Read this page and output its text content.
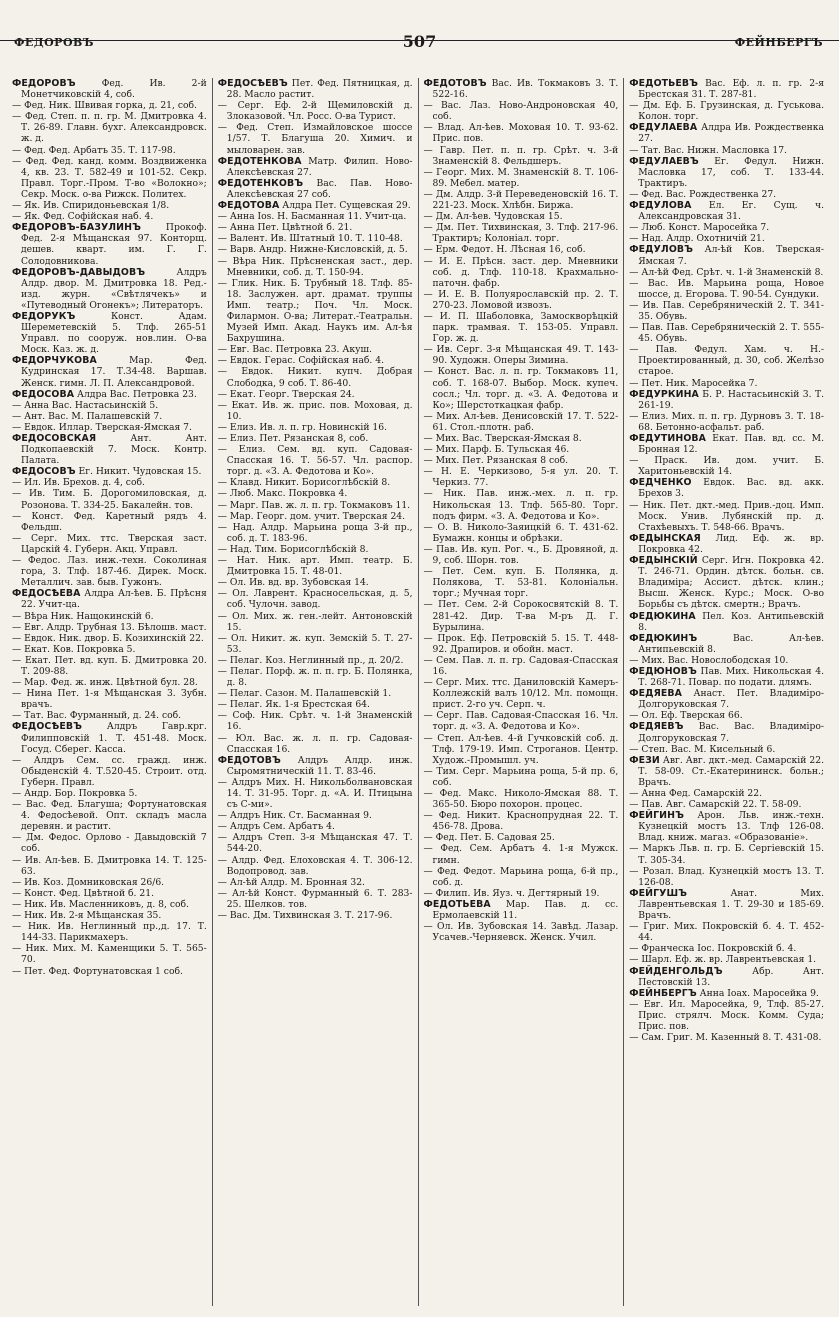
ФЕДОРОВЪ	507	ФЕЙНБЕРГЪ

ФЕДОРОВЪ Фед. Ив. 2-й Монетчиковскій 4, соб.

— Фед. Ник. Швивая горка, д. 21, соб.

— Фед. Степ. п. п. гр. М. Дмитровка 4. Т. 26-89. Главн. бухг. Александровск. ж. д.

— Фед. Фед. Арбатъ 35. Т. 117-98.

— Фед. Фед. канд. комм. Воздвиженка 4, кв. 23. Т. 582-49 и 101-52. Секр. Правл. Торг.-Пром. Т-во «Волокно»; Секр. Моск. о-ва Рижск. Политех.

— Як. Ив. Спиридоньевская 1/8.

— Як. Фед. Софійская наб. 4.

ФЕДОРОВЪ-БАЗУЛИНЪ Прокоф. Фед. 2-я Мѣщанская 97. Конторщ. дешев. кварт. им. Г. Г. Солодовникова.

ФЕДОРОВЪ-ДАВЫДОВЪ Алдръ Алдр. двор. М. Дмитровка 18. Ред.-изд. журн. «Свѣтлячекъ» и «Путеводный Огонекъ»; Литераторъ.

ФЕДОРУКЪ Конст. Адам. Шереметевскій 5. Тлф. 265-51 Управл. по сооруж. нов.лин. О-ва Моск. Каз. ж. д.

ФЕДОРЧУКОВА Мар. Фед. Кудринская 17. Т.34-48. Варшав. Женск. гимн. Л. П. Александровой.

ФЕДОСОВА Алдра Вас. Петровка 23.

— Анна Вас. Настасьинскій 5.

— Ант. Вас. М. Палашевскій 7.

— Евдок. Иллар. Тверская-Ямская 7.

ФЕДОСОВСКАЯ Ант. Ант. Подкопаевскій 7. Моск. Контр. Палата.

ФЕДОСОВЪ Ег. Никит. Чудовская 15.

— Ил. Ив. Брехов. д. 4, соб.

— Ив. Тим. Б. Дорогомиловская, д. Розонова. Т. 334-25. Бакалейн. тов.

— Конст. Фед. Каретный рядъ 4. Фельдш.

— Серг. Мих. ттс. Тверская заст. Царскій 4. Губерн. Акц. Управл.

— Федос. Лаз. инж.-техн. Соколиная гора, 3. Тлф. 187-46. Дирек. Моск. Металлич. зав. быв. Гужонъ.

ФЕДОСѢЕВА Алдра Ал-ѣев. Б. Прѣсня 22. Учит-ца.

— Вѣра Ник. Нащокинскій 6.

— Евг. Алдр. Трубная 13. Бѣлошв. маст.

— Евдок. Ник. двор. Б. Козихинскій 22.

— Екат. Ков. Покровка 5.

— Екат. Пет. вд. куп. Б. Дмитровка 20. Т. 209-88.

— Мар. Фед. ж. инж. Цвѣтной бул. 28.

— Нина Пет. 1-я Мѣщанская 3. Зубн. врачъ.

— Тат. Вас. Фурманный, д. 24. соб.

ФЕДОСѢЕВЪ Алдръ Гавр.крг. Филипповскій 1. Т. 451-48. Моск. Госуд. Сберег. Касса.

— Алдръ Сем. сс. гражд. инж. Обыденскій 4. Т.520-45. Строит. отд. Губерн. Правл.

— Андр. Бор. Покровка 5.

— Вас. Фед. Благуша; Фортунатовская 4. Федосѣевой. Опт. складъ масла деревян. и растит.

— Дм. Федос. Орлово - Давыдовскій 7 соб.

— Ив. Ал-ѣев. Б. Дмитровка 14. Т. 125-63.

— Ив. Коз. Домниковская 26/6.

— Конст. Фед. Цвѣтной б. 21.

— Ник. Ив. Масленниковъ, д. 8, соб.

— Ник. Ив. 2-я Мѣщанская 35.

— Ник. Ив. Неглинный пр.,д. 17. Т. 144-33. Парикмахеръ.

— Ник. Мих. М. Каменщики 5. Т. 565-70.

— Пет. Фед. Фортунатовская 1 соб.

ФЕДОСѢЕВЪ Пет. Фед. Пятницкая, д. 28. Масло растит.

— Серг. Еф. 2-й Щемиловскій д. Злоказовой. Чл. Росс. О-ва Турист.

— Фед. Степ. Измайловское шоссе 1/57. Т. Благуша 20. Химич. и мыловарен. зав.

ФЕДОТЕНКОВА Матр. Филип. Ново-Алексѣевская 27.

ФЕДОТЕНКОВЪ Вас. Пав. Ново-Алексѣевская 27 соб.

ФЕДОТОВА Алдра Пет. Сущевская 29.

— Анна Ios. Н. Басманная 11. Учит-ца.

— Анна Пет. Цвѣтной б. 21.

— Валент. Ив. Штатный 10. Т. 110-48.

— Варв. Андр. Нижне-Кисловскій, д. 5.

— Вѣра Ник. Прѣсненская заст., дер. Мневники, соб. д. Т. 150-94.

— Глик. Ник. Б. Трубный 18. Тлф. 85-18. Заслужен. арт. драмат. труппы Имп. театр.; Поч. Чл. Моск. Филармон. О-ва; Литерат.-Театральн. Музей Имп. Акад. Наукъ им. Ал-ѣя Бахрушина.

— Евг. Вас. Петровка 23. Акуш.

— Евдок. Герас. Софійская наб. 4.

— Евдок. Никит. купч. Добрая Слободка, 9 соб. Т. 86-40.

— Екат. Георг. Тверская 24.

— Екат. Ив. ж. прис. пов. Моховая, д. 10.

— Елиз. Ив. л. п. гр. Новинскій 16.

— Елиз. Пет. Рязанская 8, соб.

— Елиз. Сем. вд. куп. Садовая-Спасская 16. Т. 56-57. Чл. распор. торг. д. «З. А. Федотова и Ко».

— Клавд. Никит. Борисоглѣбскій 8.

— Люб. Макс. Покровка 4.

— Марг. Пав. ж. л. п. гр. Токмаковъ 11.

— Мар. Георг. дом. учит. Тверская 24.

— Над. Алдр. Марьина роща 3-й пр., соб. д. Т. 183-96.

— Над. Тим. Борисоглѣбскій 8.

— Нат. Ник. арт. Имп. театр. Б. Дмитровка 15. Т. 48-01.

— Ол. Ив. вд. вр. Зубовская 14.

— Ол. Лаврент. Красносельская, д. 5, соб. Чулочн. завод.

— Ол. Мих. ж. ген.-лейт. Антоновскій 15.

— Ол. Никит. ж. куп. Земскій 5. Т. 27-53.

— Пелаг. Коз. Неглинный пр., д. 20/2.

— Пелаг. Порф. ж. п. п. гр. Б. Полянка, д. 8.

— Пелаг. Сазон. М. Палашевскій 1.

— Пелаг. Як. 1-я Брестская 64.

— Соф. Ник. Срѣт. ч. 1-й Знаменскій 16.

— Юл. Вас. ж. л. п. гр. Садовая-Спасская 16.

ФЕДОТОВЪ Алдръ Алдр. инж. Сыромятническій 11. Т. 83-46.

— Алдръ Мих. Н. Никольболвановская 14. Т. 31-95. Торг. д. «А. И. Птицына съ С-ми».

— Алдръ Ник. Ст. Басманная 9.

— Алдръ Сем. Арбатъ 4.

— Алдръ Степ. 3-я Мѣщанская 47. Т. 544-20.

— Алдр. Фед. Елоховская 4. Т. 306-12. Водопровод. зав.

— Ал-ѣй Алдр. М. Бронная 32.

— Ал-ѣй Конст. Фурманный 6. Т. 283-25. Шелков. тов.

— Вас. Дм. Тихвинская 3. Т. 217-96.

ФЕДОТОВЪ Вас. Ив. Токмаковъ 3. Т. 522-16.

— Вас. Лаз. Ново-Андроновская 40, соб.

— Влад. Ал-ѣев. Моховая 10. Т. 93-62. Прис. пов.

— Гавр. Пет. п. п. гр. Срѣт. ч. 3-й Знаменскій 8. Фельдшеръ.

— Георг. Мих. М. Знаменскій 8. Т. 106-89. Мебел. матер.

— Дм. Алдр. 3-й Переведеновскій 16. Т. 221-23. Моск. Хлѣбн. Биржа.

— Дм. Ал-ѣев. Чудовская 15.

— Дм. Пет. Тихвинская, 3. Тлф. 217-96. Трактиръ; Колоніал. торг.

— Ерм. Федот. Н. Лѣсная 16, соб.

— И. Е. Прѣсн. заст. дер. Мневники соб. д. Тлф. 110-18. Крахмально-паточн. фабр.

— И. Е. В. Полуярославскій пр. 2. Т. 270-23. Ломовой извозъ.

— И. П. Шаболовка, Замоскворѣцкій парк. трамвая. Т. 153-05. Управл. Гор. ж. д.

— Ив. Серг. 3-я Мѣщанская 49. Т. 143-90. Художн. Оперы Зимина.

— Конст. Вас. л. п. гр. Токмаковъ 11, соб. Т. 168-07. Выбор. Моск. купеч. сосл.; Чл. торг. д. «З. А. Федотова и Ко»; Шерстоткацкая фабр.

— Мих. Ал-ѣев. Денисовскій 17. Т. 522-61. Стол.-плотн. раб.

— Мих. Вас. Тверская-Ямская 8.

— Мих. Парф. Б. Тульская 46.

— Мих. Пет. Рязанская 8 соб.

— Н. Е. Черкизово, 5-я ул. 20. Т. Черкиз. 77.

— Ник. Пав. инж.-мех. л. п. гр. Никольская 13. Тлф. 565-80. Торг. подъ фирм. «З. А. Федотова и Ко».

— О. В. Николо-Заяицкій 6. Т. 431-62. Бумажн. концы и обрѣзки.

— Пав. Ив. куп. Рог. ч., Б. Дровяной, д. 9, соб. Шорн. тов.

— Пет. Сем. куп. Б. Полянка, д. Полякова, Т. 53-81. Колоніальн. торг.; Мучная торг.

— Пет. Сем. 2-й Сорокосвятскій 8. Т. 281-42. Дир. Т-ва М-ръ Д. Г. Бурылина.

— Прок. Еф. Петровскій 5. 15. Т. 448-92. Драпиров. и обойн. маст.

— Сем. Пав. л. п. гр. Садовая-Спасская 16.

— Серг. Мих. ттс. Даниловскій Камеръ-Коллежскій валъ 10/12. Мл. помощн. прист. 2-го уч. Серп. ч.

— Серг. Пав. Садовая-Спасская 16. Чл. торг. д. «З. А. Федотова и Ко».

— Степ. Ал-ѣев. 4-й Гучковскій соб. д. Тлф. 179-19. Имп. Строганов. Центр. Худож.-Промышл. уч.

— Тим. Серг. Марьина роща, 5-й пр. 6, соб.

— Фед. Макс. Николо-Ямская 88. Т. 365-50. Бюро похорон. процес.

— Фед. Никит. Краснопрудная 22. Т. 456-78. Дрова.

— Фед. Пет. Б. Садовая 25.

— Фед. Сем. Арбатъ 4. 1-я Мужск. гимн.

— Фед. Федот. Марьина роща, 6-й пр., соб. д.

— Филип. Ив. Яуз. ч. Дегтярный 19.

ФЕДОТЬЕВА Мар. Пав. д. сс. Ермолаевскій 11.

— Ол. Ив. Зубовская 14. Завѣд. Лазар. Усачев.-Черняевск. Женск. Учил.

ФЕДОТЬЕВЪ Вас. Еф. л. п. гр. 2-я Брестская 31. Т. 287-81.

— Дм. Еф. Б. Грузинская, д. Гуськова. Колон. торг.

ФЕДУЛАЕВА Алдра Ив. Рождественка 27.

— Тат. Вас. Нижн. Масловка 17.

ФЕДУЛАЕВЪ Ег. Федул. Нижн. Масловка 17, соб. Т. 133-44. Трактиръ.

— Фед. Вас. Рождественка 27.

ФЕДУЛОВА Ел. Ег. Сущ. ч. Александровская 31.

— Люб. Конст. Маросейка 7.

— Над. Алдр. Охотничій 21.

ФЕДУЛОВЪ Ал-ѣй Ков. Тверская-Ямская 7.

— Ал-ѣй Фед. Срѣт. ч. 1-й Знаменскій 8.

— Вас. Ив. Марьина роща, Новое шоссе, д. Егорова. Т. 90-54. Сундуки.

— Ив. Пав. Серебряническій 2. Т. 341-35. Обувь.

— Пав. Пав. Серебряническій 2. Т. 555-45. Обувь.

— Пав. Федул. Хам. ч. Н.-Проектированный, д. 30, соб. Желѣзо старое.

— Пет. Ник. Маросейка 7.

ФЕДУРКИНА Б. Р. Настасьинскій 3. Т. 261-19.

— Елиз. Мих. п. п. гр. Дурновъ 3. Т. 18-68. Бетонно-асфальт. раб.

ФЕДУТИНОВА Екат. Пав. вд. сс. М. Бронная 12.

— Праск. Ив. дом. учит. Б. Харитоньевскій 14.

ФЕДЧЕНКО Евдок. Вас. вд. акк. Брехов 3.

— Ник. Пет. дкт.-мед. Прив.-доц. Имп. Моск. Унив. Лубянскій пр. д. Стахѣевыхъ. Т. 548-66. Врачъ.

ФЕДЫНСКАЯ Лид. Еф. ж. вр. Покровка 42.

ФЕДЫНСКІЙ Серг. Игн. Покровка 42. Т. 246-71. Ордин. дѣтск. больн. св. Владиміра; Ассист. дѣтск. клин.; Высш. Женск. Курс.; Моск. О-во Борьбы съ дѣтск. смертн.; Врачъ.

ФЕДЮКИНА Пел. Коз. Антипьевскій 8.

ФЕДЮКИНЪ Вас. Ал-ѣев. Антипьевскій 8.

— Мих. Вас. Новослободская 10.

ФЕДЮНОВЪ Пав. Мих. Никольская 4. Т. 268-71. Повар. по подати. длямъ.

ФЕДЯЕВА Анаст. Пет. Владиміро-Долгоруковская 7.

— Ол. Еф. Тверская 66.

ФЕДЯЕВЪ Вас. Вас. Владиміро-Долгоруковская 7.

— Степ. Вас. М. Кисельный 6.

ФЕЗИ Авг. Авг. дкт.-мед. Самарскій 22. Т. 58-09. Ст.-Екатерининск. больн.; Врачъ.

— Анна Фед. Самарскій 22.

— Пав. Авг. Самарскій 22. Т. 58-09.

ФЕЙГИНЪ Арон. Льв. инж.-техн. Кузнецкій мостъ 13. Тлф 126-08. Влад. книж. магаз. «Образованіе».

— Маркъ Льв. п. гр. Б. Сергіевскій 15. Т. 305-34.

— Розал. Влад. Кузнецкій мостъ 13. Т. 126-08.

ФЕЙГУШЪ Анат. Мих. Лаврентьевская 1. Т. 29-30 и 185-69. Врачъ.

— Григ. Мих. Покровскій б. 4. Т. 452-44.

— Франческа Іос. Покровскій б. 4.

— Шарл. Еф. ж. вр. Лаврентьевская 1.

ФЕЙДЕНГОЛЬДЪ Абр. Ант. Пестовскій 13.

ФЕЙНБЕРГЪ Анна Іоах. Маросейка 9.

— Евг. Ил. Маросейка, 9, Тлф. 85-27. Прис. стрялч. Моск. Комм. Суда; Прис. пов.

— Сам. Григ. М. Казенный 8. Т. 431-08.
